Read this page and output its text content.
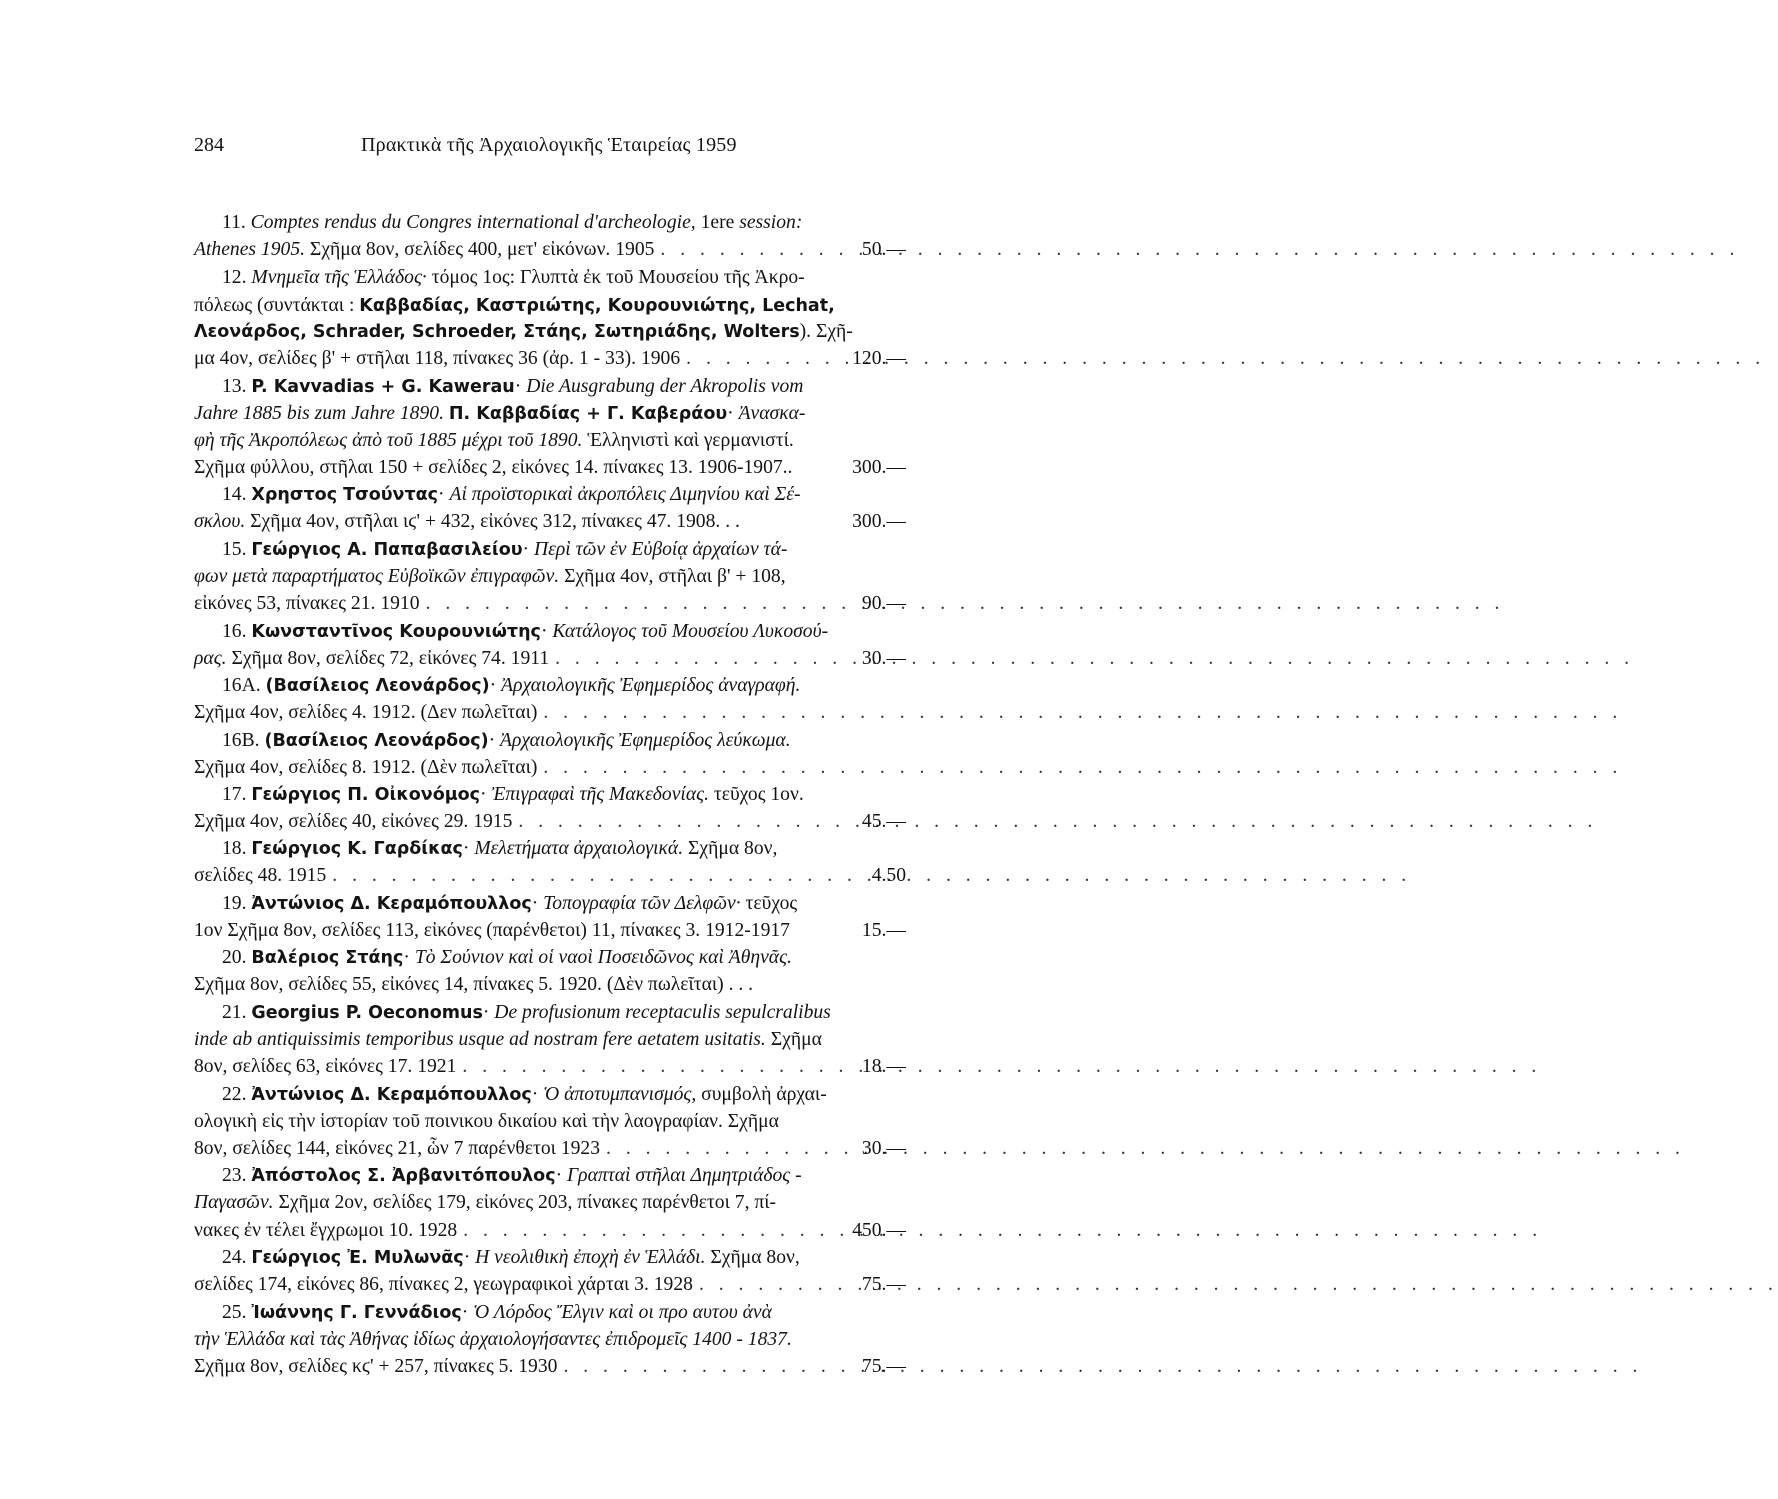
284	Πρακτικὰ τῆς Ἀρχαιολογικῆς Ἑταιρείας 1959
11. Comptes rendus du Congres international d'archeologie, 1ere session:
Athenes 1905. Σχῆμα 8ον, σελίδες 400, μετ' εἰκόνων. 1905 . . .	50.—
12. Μνημεῖα τῆς Ἑλλάδος· τόμος 1ος: Γλυπτὰ ἐκ τοῦ Μουσείου τῆς Ἀκρο-
πόλεως (συντάκται : Καββαδίας, Καστριώτης, Κουρουνιώτης, Lechat,
Λεονάρδος, Schrader, Schroeder, Στάης, Σωτηριάδης, Wolters). Σχῆ-
μα 4ον, σελίδες β' + στῆλαι 118, πίνακες 36 (ἀρ. 1 - 33). 1906 . . .	120.—
13. P. Kavvadias + G. Kawerau· Die Ausgrabung der Akropolis vom
Jahre 1885 bis zum Jahre 1890. Π. Καββαδίας + Γ. Καβεράου· Ἀνασκα-
φὴ τῆς Ἀκροπόλεως ἀπὸ τοῦ 1885 μέχρι τοῦ 1890. Ἑλληνιστὶ καὶ γερμανιστί.
Σχῆμα φύλλου, στῆλαι 150 + σελίδες 2, εἰκόνες 14. πίνακες 13. 1906-1907..	300.—
14. Χρηστος Τσούντας· Αἱ προϊστορικαὶ ἀκροπόλεις Διμηνίου καὶ Σέ-
σκλου. Σχῆμα 4ον, στῆλαι ιϛ' + 432, εἰκόνες 312, πίνακες 47. 1908. . .	300.—
15. Γεώργιος Α. Παπαβασιλείου· Περὶ τῶν ἐν Εὐβοίᾳ ἀρχαίων τά-
φων μετὰ παραρτήματος Εὐβοϊκῶν ἐπιγραφῶν. Σχῆμα 4ον, στῆλαι β' + 108,
εἰκόνες 53, πίνακες 21. 1910 . . .	90.—
16. Κωνσταντῖνος Κουρουνιώτης· Κατάλογος τοῦ Μουσείου Λυκοσού-
ρας. Σχῆμα 8ον, σελίδες 72, εἰκόνες 74. 1911 . . .	30.—
16Α. (Βασίλειος Λεονάρδος)· Ἀρχαιολογικῆς Ἐφημερίδος ἀναγραφή.
Σχῆμα 4ον, σελίδες 4. 1912. (Δεν πωλεῖται)
. . .
16Β. (Βασίλειος Λεονάρδος)· Ἀρχαιολογικῆς Ἐφημερίδος λεύκωμα.
Σχῆμα 4ον, σελίδες 8. 1912. (Δὲν πωλεῖται)
. . .
17. Γεώργιος Π. Οἰκονόμος· Ἐπιγραφαὶ τῆς Μακεδονίας. τεῦχος 1ον.
Σχῆμα 4ον, σελίδες 40, εἰκόνες 29. 1915 . . .	45.—
18. Γεώργιος Κ. Γαρδίκας· Μελετήματα ἀρχαιολογικά. Σχῆμα 8ον,
σελίδες 48. 1915 . . .	4.50
19. Ἀντώνιος Δ. Κεραμόπουλλος· Τοπογραφία τῶν Δελφῶν· τεῦχος
1ον Σχῆμα 8ον, σελίδες 113, εἰκόνες (παρένθετοι) 11, πίνακες 3. 1912-1917	15.—
20. Βαλέριος Στάης· Τὸ Σούνιον καὶ οἱ ναοὶ Ποσειδῶνος καὶ Ἀθηνᾶς.
Σχῆμα 8ον, σελίδες 55, εἰκόνες 14, πίνακες 5. 1920. (Δὲν πωλεῖται) . . .
21. Georgius P. Oeconomus· De profusionum receptaculis sepulcralibus
inde ab antiquissimis temporibus usque ad nostram fere aetatem usitatis. Σχῆμα
8ον, σελίδες 63, εἰκόνες 17. 1921 . . .	18.—
22. Ἀντώνιος Δ. Κεραμόπουλλος· Ὁ ἀποτυμπανισμός, συμβολὴ ἀρχαι-
ολογικὴ εἰς τὴν ἱστορίαν τοῦ ποινικου δικαίου καὶ τὴν λαογραφίαν. Σχῆμα
8ον, σελίδες 144, εἰκόνες 21, ὧν 7 παρένθετοι 1923 . . .	30.—
23. Ἀπόστολος Σ. Ἀρβανιτόπουλος· Γραπταὶ στῆλαι Δημητριάδος -
Παγασῶν. Σχῆμα 2ον, σελίδες 179, εἰκόνες 203, πίνακες παρένθετοι 7, πί-
νακες ἐν τέλει ἔγχρωμοι 10. 1928 . . .	450.—
24. Γεώργιος Ἐ. Μυλωνᾶς· Η νεολιθικὴ ἐποχὴ ἐν Ἑλλάδι. Σχῆμα 8ον,
σελίδες 174, εἰκόνες 86, πίνακες 2, γεωγραφικοὶ χάρται 3. 1928 . . .	75.—
25. Ἰωάννης Γ. Γεννάδιος· Ὁ Λόρδος Ἔλγιν καὶ οι προ αυτου ἀνὰ
τὴν Ἑλλάδα καὶ τὰς Ἀθήνας ἰδίως ἀρχαιολογήσαντες ἐπιδρομεῖς 1400 - 1837.
Σχῆμα 8ον, σελίδες κϛ' + 257, πίνακες 5. 1930 . . .	75.—
